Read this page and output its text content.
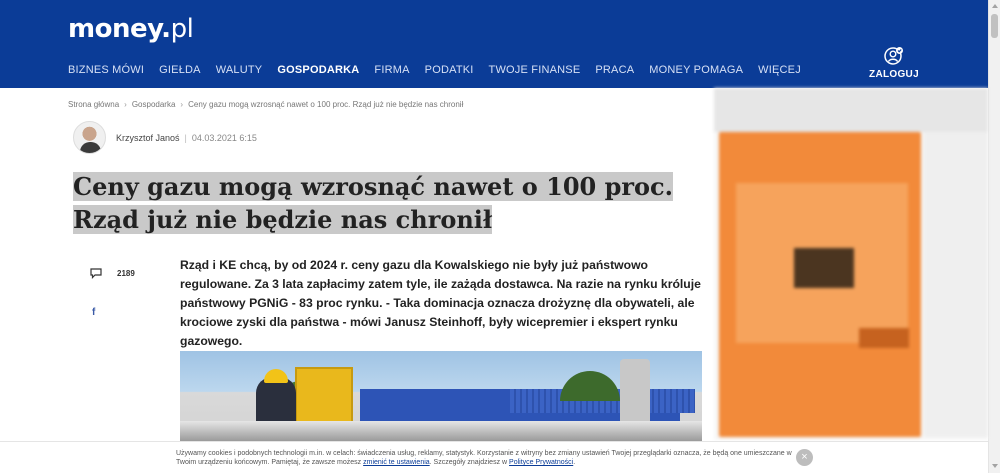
money.pl
BIZNES MÓWI GIEŁDA WALUTY GOSPODARKA FIRMA PODATKI TWOJE FINANSE PRACA MONEY POMAGA WIĘCEJ	ZALOGUJ
Strona główna › Gospodarka › Ceny gazu mogą wzrosnąć nawet o 100 proc. Rząd już nie będzie nas chronił
Krzysztof Janoś | 04.03.2021 6:15
Ceny gazu mogą wzrosnąć nawet o 100 proc. Rząd już nie będzie nas chronił
2189
f

Rząd i KE chcą, by od 2024 r. ceny gazu dla Kowalskiego nie były już państwowo regulowane. Za 3 lata zapłacimy zatem tyle, ile zażąda dostawca. Na razie na rynku króluje państwowy PGNiG - 83 proc rynku. - Taka dominacja oznacza drożyznę dla obywateli, ale krociowe zyski dla państwa - mówi Janusz Steinhoff, były wicepremier i ekspert rynku gazowego.

Używamy cookies i podobnych technologii m.in. w celach: świadczenia usług, reklamy, statystyk. Korzystanie z witryny bez zmiany ustawień Twojej przeglądarki oznacza, że będą one umieszczane w Twoim urządzeniu końcowym. Pamiętaj, że zawsze możesz zmienić te ustawienia. Szczegóły znajdziesz w Polityce Prywatności.	×
